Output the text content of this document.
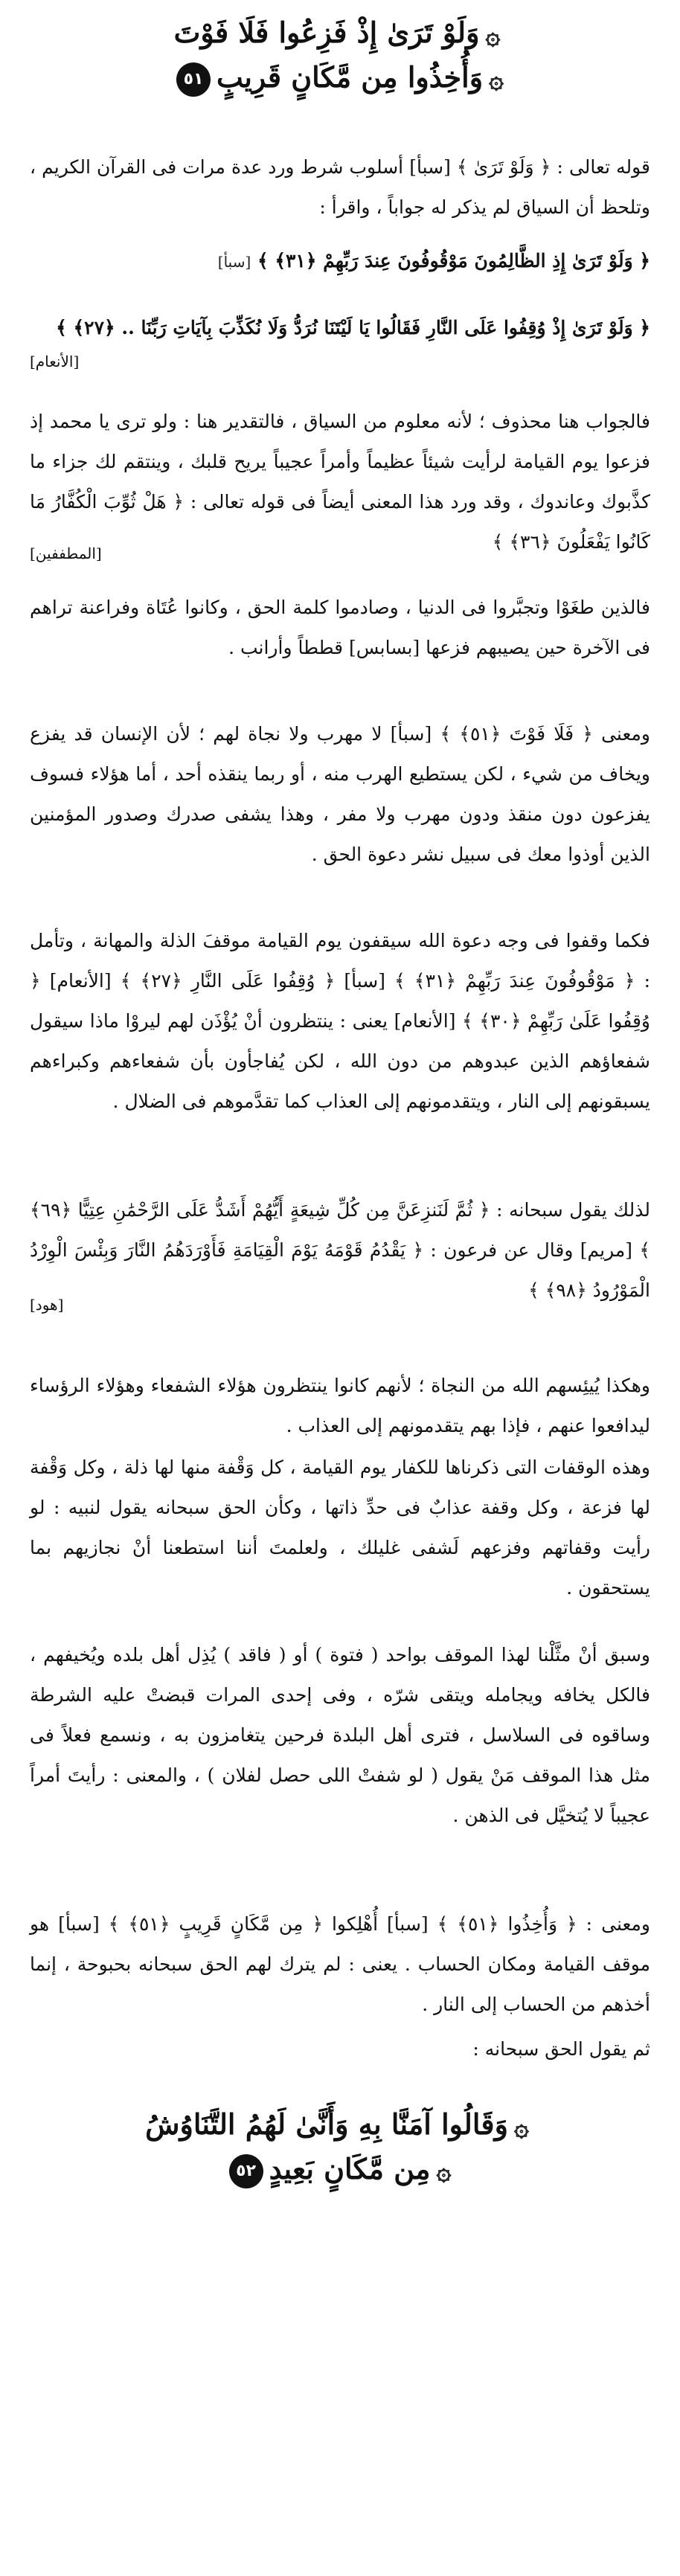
۞وَلَوْ تَرَىٰ إِذْ فَزِعُوا فَلَا فَوْتَ
۞وَأُخِذُوا مِن مَّكَانٍ قَرِيبٍ٥١
قوله تعالى : ﴿ وَلَوْ تَرَىٰ ﴾ [سبأ] أسلوب شرط ورد عدة مرات فى القرآن الكريم ، وتلحظ أن السياق لم يذكر له جواباً ، واقرأ :
﴿ وَلَوْ تَرَىٰ إِذِ الظَّالِمُونَ مَوْقُوفُونَ عِندَ رَبِّهِمْ ﴿٣١﴾ ﴾ [سبأ]
﴿ وَلَوْ تَرَىٰ إِذْ وُقِفُوا عَلَى النَّارِ فَقَالُوا يَا لَيْتَنَا نُرَدُّ وَلَا نُكَذِّبَ بِآيَاتِ رَبِّنَا .. ﴿٢٧﴾ ﴾
[الأنعام]
فالجواب هنا محذوف ؛ لأنه معلوم من السياق ، فالتقدير هنا : ولو ترى يا محمد إذ فزعوا يوم القيامة لرأيت شيئاً عظيماً وأمراً عجيباً يريح قلبك ، وينتقم لك جزاء ما كذَّبوك وعاندوك ، وقد ورد هذا المعنى أيضاً فى قوله تعالى : ﴿ هَلْ ثُوِّبَ الْكُفَّارُ مَا كَانُوا يَفْعَلُونَ ﴿٣٦﴾ ﴾
[المطففين]
فالذين طغَوْا وتجبَّروا فى الدنيا ، وصادموا كلمة الحق ، وكانوا عُتَاة وفراعنة تراهم فى الآخرة حين يصيبهم فزعها [بسابس] قططاً وأرانب .
ومعنى ﴿ فَلَا فَوْتَ ﴿٥١﴾ ﴾ [سبأ] لا مهرب ولا نجاة لهم ؛ لأن الإنسان قد يفزع ويخاف من شيء ، لكن يستطيع الهرب منه ، أو ربما ينقذه أحد ، أما هؤلاء فسوف يفزعون دون منقذ ودون مهرب ولا مفر ، وهذا يشفى صدرك وصدور المؤمنين الذين أوذوا معك فى سبيل نشر دعوة الحق .
فكما وقفوا فى وجه دعوة الله سيقفون يوم القيامة موقفَ الذلة والمهانة ، وتأمل : ﴿ مَوْقُوفُونَ عِندَ رَبِّهِمْ ﴿٣١﴾ ﴾ [سبأ] ﴿ وُقِفُوا عَلَى النَّارِ ﴿٢٧﴾ ﴾ [الأنعام] ﴿ وُقِفُوا عَلَىٰ رَبِّهِمْ ﴿٣٠﴾ ﴾ [الأنعام] يعنى : ينتظرون أنْ يُؤْذَن لهم ليروْا ماذا سيقول شفعاؤهم الذين عبدوهم من دون الله ، لكن يُفاجأون بأن شفعاءهم وكبراءهم يسبقونهم إلى النار ، ويتقدمونهم إلى العذاب كما تقدَّموهم فى الضلال .
لذلك يقول سبحانه : ﴿ ثُمَّ لَنَنزِعَنَّ مِن كُلِّ شِيعَةٍ أَيُّهُمْ أَشَدُّ عَلَى الرَّحْمَٰنِ عِتِيًّا ﴿٦٩﴾ ﴾ [مريم] وقال عن فرعون : ﴿ يَقْدُمُ قَوْمَهُ يَوْمَ الْقِيَامَةِ فَأَوْرَدَهُمُ النَّارَ وَبِئْسَ الْوِرْدُ الْمَوْرُودُ ﴿٩٨﴾ ﴾
[هود]
وهكذا يُيئِسهم الله من النجاة ؛ لأنهم كانوا ينتظرون هؤلاء الشفعاء وهؤلاء الرؤساء ليدافعوا عنهم ، فإذا بهم يتقدمونهم إلى العذاب .
وهذه الوقفات التى ذكرناها للكفار يوم القيامة ، كل وَقْفة منها لها ذلة ، وكل وَقْفة لها فزعة ، وكل وقفة عذابٌ فى حدِّ ذاتها ، وكأن الحق سبحانه يقول لنبيه : لو رأيت وقفاتهم وفزعهم لَشفى غليلك ، ولعلمتَ أننا استطعنا أنْ نجازيهم بما يستحقون .
وسبق أنْ مثَّلْنا لهذا الموقف بواحد ( فتوة ) أو ( فاقد ) يُذِل أهل بلده ويُخيفهم ، فالكل يخافه ويجامله ويتقى شرّه ، وفى إحدى المرات قبضتْ عليه الشرطة وساقوه فى السلاسل ، فترى أهل البلدة فرحين يتغامزون به ، ونسمع فعلاً فى مثل هذا الموقف مَنْ يقول ( لو شفتْ اللى حصل لفلان ) ، والمعنى : رأيتَ أمراً عجيباً لا يُتخيَّل فى الذهن .
ومعنى : ﴿ وَأُخِذُوا ﴿٥١﴾ ﴾ [سبأ] أُهْلِكوا ﴿ مِن مَّكَانٍ قَرِيبٍ ﴿٥١﴾ ﴾ [سبأ] هو موقف القيامة ومكان الحساب . يعنى : لم يترك لهم الحق سبحانه بحبوحة ، إنما أخذهم من الحساب إلى النار .
ثم يقول الحق سبحانه :
۞وَقَالُوا آمَنَّا بِهِ وَأَنَّىٰ لَهُمُ التَّنَاوُشُ
۞مِن مَّكَانٍ بَعِيدٍ٥٢
